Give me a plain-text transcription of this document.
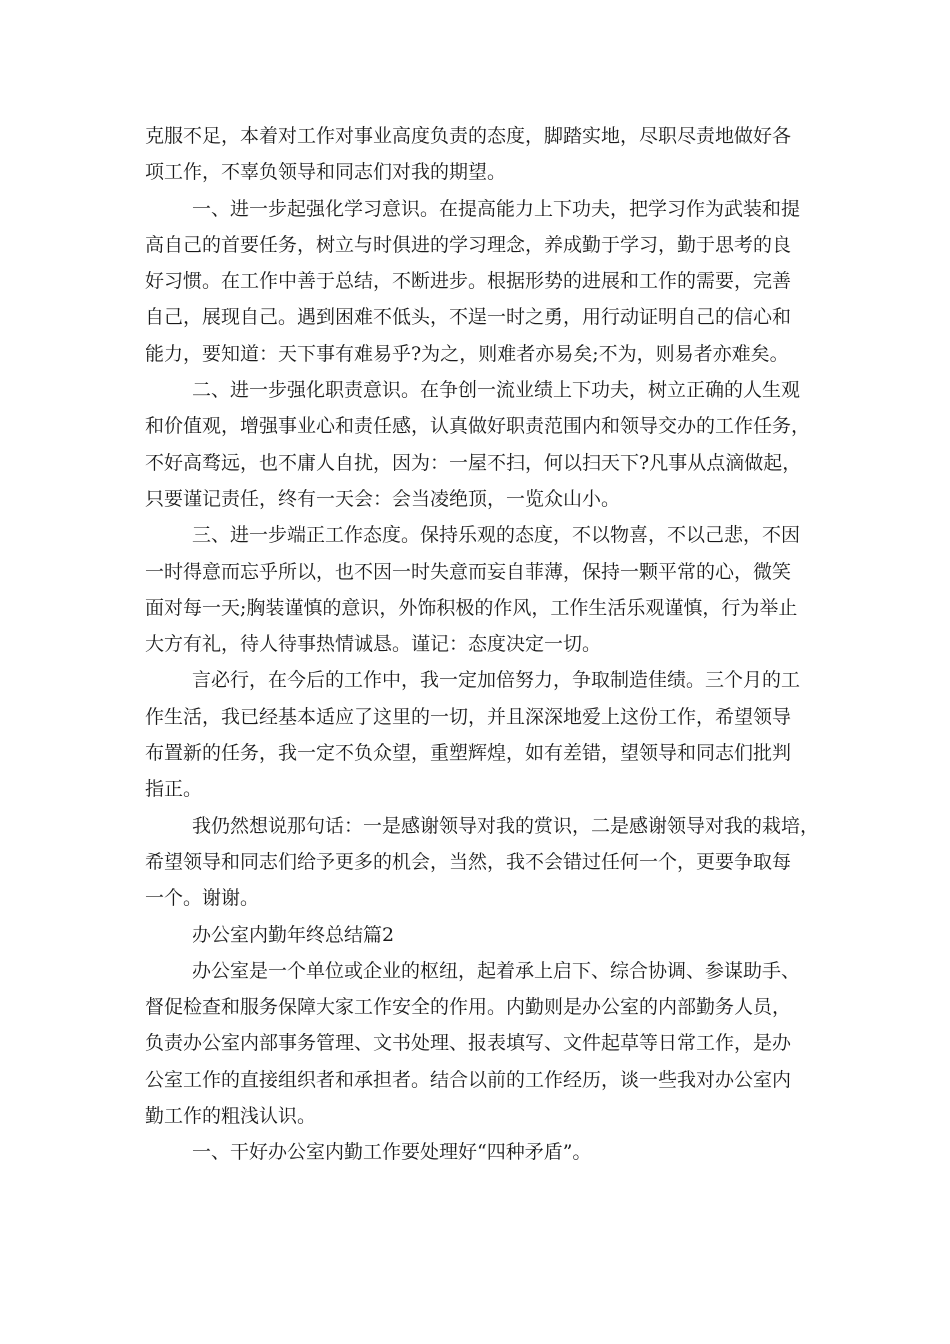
克服不足，本着对工作对事业高度负责的态度，脚踏实地，尽职尽责地做好各
项工作，不辜负领导和同志们对我的期望。
一、进一步起强化学习意识。在提高能力上下功夫，把学习作为武装和提
高自己的首要任务，树立与时俱进的学习理念，养成勤于学习，勤于思考的良
好习惯。在工作中善于总结，不断进步。根据形势的进展和工作的需要，完善
自己，展现自己。遇到困难不低头，不逞一时之勇，用行动证明自己的信心和
能力，要知道：天下事有难易乎?为之，则难者亦易矣;不为，则易者亦难矣。
二、进一步强化职责意识。在争创一流业绩上下功夫，树立正确的人生观
和价值观，增强事业心和责任感，认真做好职责范围内和领导交办的工作任务，
不好高骛远，也不庸人自扰，因为：一屋不扫，何以扫天下?凡事从点滴做起，
只要谨记责任，终有一天会：会当凌绝顶，一览众山小。
三、进一步端正工作态度。保持乐观的态度，不以物喜，不以己悲，不因
一时得意而忘乎所以，也不因一时失意而妄自菲薄，保持一颗平常的心，微笑
面对每一天;胸装谨慎的意识，外饰积极的作风，工作生活乐观谨慎，行为举止
大方有礼，待人待事热情诚恳。谨记：态度决定一切。
言必行，在今后的工作中，我一定加倍努力，争取制造佳绩。三个月的工
作生活，我已经基本适应了这里的一切，并且深深地爱上这份工作，希望领导
布置新的任务，我一定不负众望，重塑辉煌，如有差错，望领导和同志们批判
指正。
我仍然想说那句话：一是感谢领导对我的赏识，二是感谢领导对我的栽培，
希望领导和同志们给予更多的机会，当然，我不会错过任何一个，更要争取每
一个。谢谢。
办公室内勤年终总结篇2
办公室是一个单位或企业的枢纽，起着承上启下、综合协调、参谋助手、
督促检查和服务保障大家工作安全的作用。内勤则是办公室的内部勤务人员，
负责办公室内部事务管理、文书处理、报表填写、文件起草等日常工作，是办
公室工作的直接组织者和承担者。结合以前的工作经历，谈一些我对办公室内
勤工作的粗浅认识。
一、干好办公室内勤工作要处理好“四种矛盾”。
